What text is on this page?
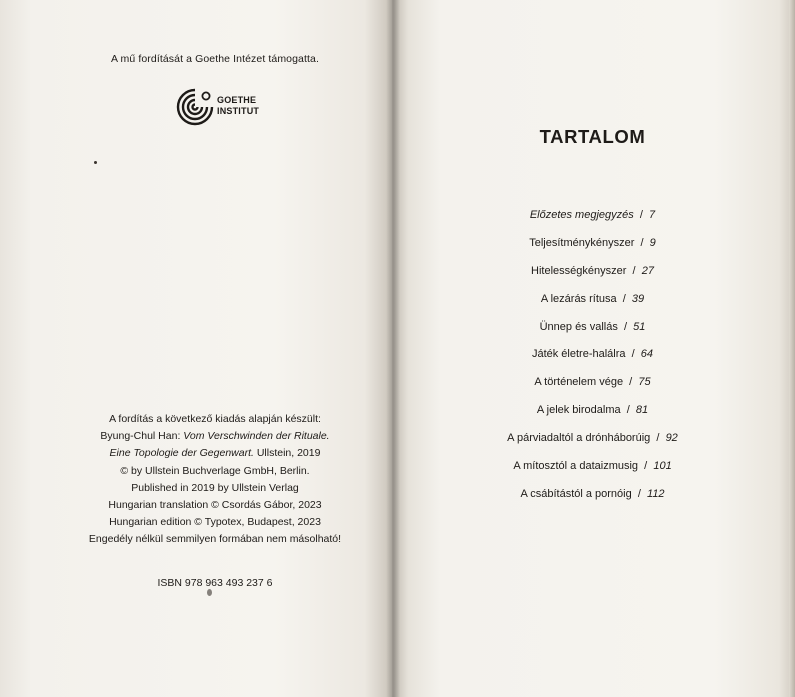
A mű fordítását a Goethe Intézet támogatta.
GOETHE
INSTITUT
A fordítás a következő kiadás alapján készült:
Byung-Chul Han: Vom Verschwinden der Rituale.
Eine Topologie der Gegenwart. Ullstein, 2019
© by Ullstein Buchverlage GmbH, Berlin.
Published in 2019 by Ullstein Verlag
Hungarian translation © Csordás Gábor, 2023
Hungarian edition © Typotex, Budapest, 2023
Engedély nélkül semmilyen formában nem másolható!
ISBN 978 963 493 237 6
TARTALOM
Előzetes megjegyzés  /  7
Teljesítménykényszer  /  9
Hitelességkényszer  /  27
A lezárás rítusa  /  39
Ünnep és vallás  /  51
Játék életre-halálra  /  64
A történelem vége  /  75
A jelek birodalma  /  81
A párviadaltól a drónháborúig  /  92
A mítosztól a dataizmusig  /  101
A csábítástól a pornóig  /  112
